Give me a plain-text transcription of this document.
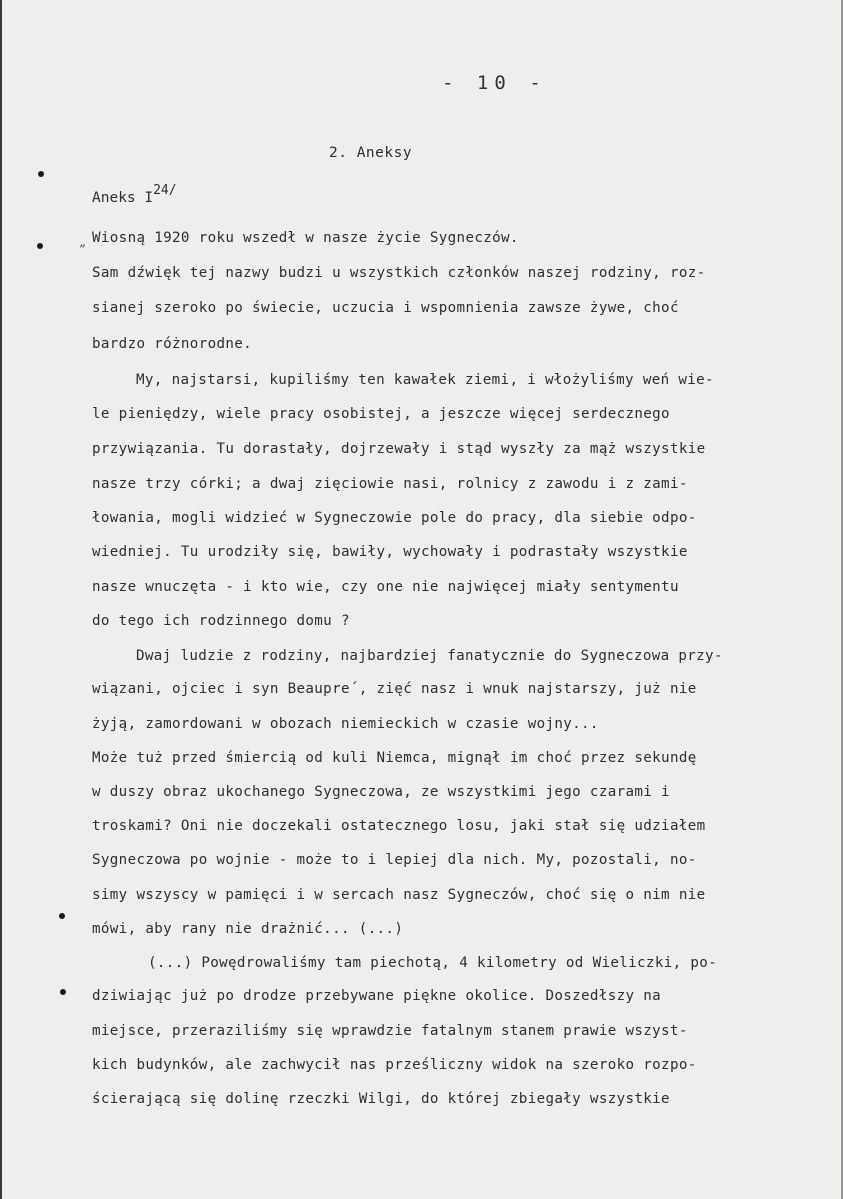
- 10 -
2. Aneksy
Aneks $I^{24/}$
„ Wiosną 1920 roku wszedł w nasze życie Sygneczów.
Sam dźwięk tej nazwy budzi u wszystkich członków naszej rodziny, roz-
sianej szeroko po świecie, uczucia i wspomnienia zawsze żywe, choć
bardzo różnorodne.
My, najstarsi, kupiliśmy ten kawałek ziemi, i włożyliśmy weń wie-
le pieniędzy, wiele pracy osobistej, a jeszcze więcej serdecznego
przywiązania. Tu dorastały, dojrzewały i stąd wyszły za mąż wszystkie
nasze trzy córki; a dwaj zięciowie nasi, rolnicy z zawodu i z zami-
łowania, mogli widzieć w Sygneczowie pole do pracy, dla siebie odpo-
wiedniej. Tu urodziły się, bawiły, wychowały i podrastały wszystkie
nasze wnuczęta - i kto wie, czy one nie najwięcej miały sentymentu
do tego ich rodzinnego domu ?
Dwaj ludzie z rodziny, najbardziej fanatycznie do Sygneczowa przy-
wiązani, ojciec i syn Beaupre´, zięć nasz i wnuk najstarszy, już nie
żyją, zamordowani w obozach niemieckich w czasie wojny...
Może tuż przed śmiercią od kuli Niemca, mignął im choć przez sekundę
w duszy obraz ukochanego Sygneczowa, ze wszystkimi jego czarami i
troskami? Oni nie doczekali ostatecznego losu, jaki stał się udziałem
Sygneczowa po wojnie - może to i lepiej dla nich. My, pozostali, no-
simy wszyscy w pamięci i w sercach nasz Sygneczów, choć się o nim nie
mówi, aby rany nie drażnić... (...)
(...) Powędrowaliśmy tam piechotą, 4 kilometry od Wieliczki, po-
dziwiając już po drodze przebywane piękne okolice. Doszedłszy na
miejsce, przeraziliśmy się wprawdzie fatalnym stanem prawie wszyst-
kich budynków, ale zachwycił nas prześliczny widok na szeroko rozpo-
ścierającą się dolinę rzeczki Wilgi, do której zbiegały wszystkie
